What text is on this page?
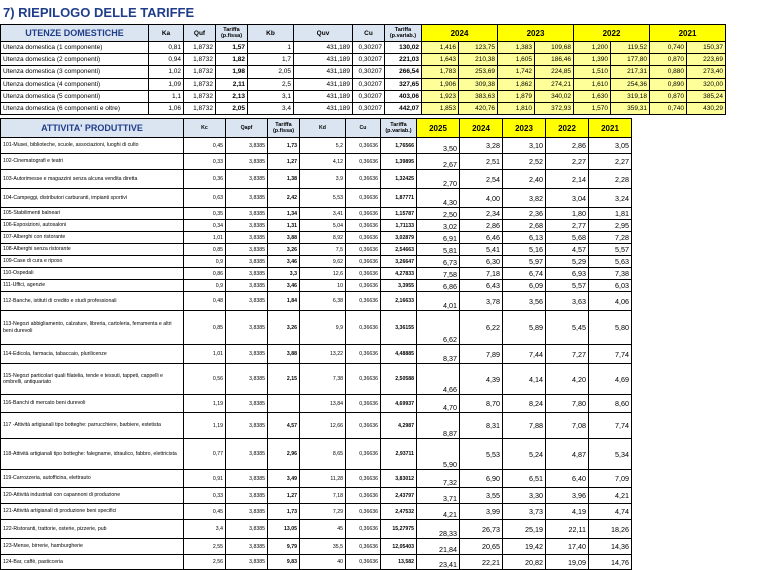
7) RIEPILOGO DELLE TARIFFE
UTENZE DOMESTICHE	Ka	Quf	Tariffa (p.fissa)	Kb	Quv	Cu	Tariffa (p.variab.)	2024		2023		2022		2021	
Utenza domestica (1 componente)	0,81	1,8732	1,57	1	431,189	0,30207	130,02	1,416	123,75	1,383	109,68	1,200	119,52	0,740	150,37
Utenza domestica (2 componenti)	0,94	1,8732	1,82	1,7	431,189	0,30207	221,03	1,643	210,38	1,605	186,46	1,390	177,80	0,870	223,69
Utenza domestica (3 componenti)	1,02	1,8732	1,98	2,05	431,189	0,30207	266,54	1,783	253,69	1,742	224,85	1,510	217,31	0,880	273,40
Utenza domestica (4 componenti)	1,09	1,8732	2,11	2,5	431,189	0,30207	327,65	1,906	309,38	1,862	274,21	1,610	254,36	0,890	320,00
Utenza domestica (5 componenti)	1,1	1,8732	2,13	3,1	431,189	0,30207	403,06	1,923	383,63	1,879	340,02	1,630	319,18	0,870	385,24
Utenza domestica (6 componenti e oltre)	1,06	1,8732	2,05	3,4	431,189	0,30207	442,07	1,853	420,76	1,810	372,93	1,570	359,31	0,740	430,29
ATTIVITA' PRODUTTIVE	Kc	Qapf	Tariffa (p.fissa)	Kd	Cu	Tariffa (p.variab.)	2025	2024	2023	2022	2021
101-Musei, biblioteche, scuole, associazioni, luoghi di culto	0,45	3,8385	1,73	5,2	0,36636	1,76566	3,50	3,28	3,10	2,86	3,05
102-Cinematografi e teatri	0,33	3,8385	1,27	4,12	0,36636	1,39895	2,67	2,51	2,52	2,27	2,27
103-Autorimesse e magazzini senza alcuna vendita diretta	0,36	3,8385	1,38	3,9	0,36636	1,32425	2,70	2,54	2,40	2,14	2,28
104-Campeggi, distributori carburanti, impianti sportivi	0,63	3,8385	2,42	5,53	0,36636	1,87771	4,30	4,00	3,82	3,04	3,24
105-Stabilimenti balneari	0,35	3,8385	1,34	3,41	0,36636	1,15787	2,50	2,34	2,36	1,80	1,81
106-Esposizioni, autosaloni	0,34	3,8385	1,31	5,04	0,36636	1,71133	3,02	2,86	2,68	2,77	2,95
107-Alberghi con ristorante	1,01	3,8385	3,88	8,92	0,36636	3,02879	6,91	6,46	6,13	5,68	7,28
108-Alberghi senza ristorante	0,85	3,8385	3,26	7,5	0,36636	2,54663	5,81	5,41	5,16	4,57	5,57
109-Case di cura e riposo	0,9	3,8385	3,46	9,62	0,36636	3,26647	6,73	6,30	5,97	5,29	5,63
110-Ospedali	0,86	3,8385	3,3	12,6	0,36636	4,27833	7,58	7,18	6,74	6,93	7,38
111-Uffici, agenzie	0,9	3,8385	3,46	10	0,36636	3,3955	6,86	6,43	6,09	5,57	6,03
112-Banche, istituti di credito e studi professionali	0,48	3,8385	1,84	6,38	0,36636	2,16633	4,01	3,78	3,56	3,63	4,06
113-Negozi abbigliamento, calzature, libreria, cartoleria, ferramenta e altri beni durevoli	0,85	3,8385	3,26	9,9	0,36636	3,36155	6,62	6,22	5,89	5,45	5,80
114-Edicola, farmacia, tabaccaio, plurilicenze	1,01	3,8385	3,88	13,22	0,36636	4,48885	8,37	7,89	7,44	7,27	7,74
115-Negozi particolari quali filatelia, tende e tessuti, tappeti, cappelli e ombrelli, antiquariato	0,56	3,8385	2,15	7,38	0,36636	2,50588	4,66	4,39	4,14	4,20	4,69
116-Banchi di mercato beni durevoli	1,19	3,8385		13,84	0,36636	4,69937	4,70	8,70	8,24	7,80	8,60
117 -Attività artigianali tipo botteghe: parrucchiere, barbiere, estetista	1,19	3,8385	4,57	12,66	0,36636	4,2987	8,87	8,31	7,88	7,08	7,74
118-Attività artigianali tipo botteghe: falegname, idraulico, fabbro, elettricista	0,77	3,8385	2,96	8,65	0,36636	2,93711	5,90	5,53	5,24	4,87	5,34
119-Carrozzeria, autofficina, elettrauto	0,91	3,8385	3,49	11,28	0,36636	3,83012	7,32	6,90	6,51	6,40	7,09
120-Attività industriali con capannoni di produzione	0,33	3,8385	1,27	7,18	0,36636	2,43797	3,71	3,55	3,30	3,96	4,21
121-Attività artigianali di produzione beni specifici	0,45	3,8385	1,73	7,29	0,36636	2,47532	4,21	3,99	3,73	4,19	4,74
122-Ristoranti, trattorie, osterie, pizzerie, pub	3,4	3,8385	13,05	45	0,36636	15,27975	28,33	26,73	25,19	22,11	18,26
123-Mense, birrerie, hamburgherie	2,55	3,8385	9,79	35,5	0,36636	12,05403	21,84	20,65	19,42	17,40	14,36
124-Bar, caffè, pasticceria	2,56	3,8385	9,83	40	0,36636	13,582	23,41	22,21	20,82	19,09	14,76
